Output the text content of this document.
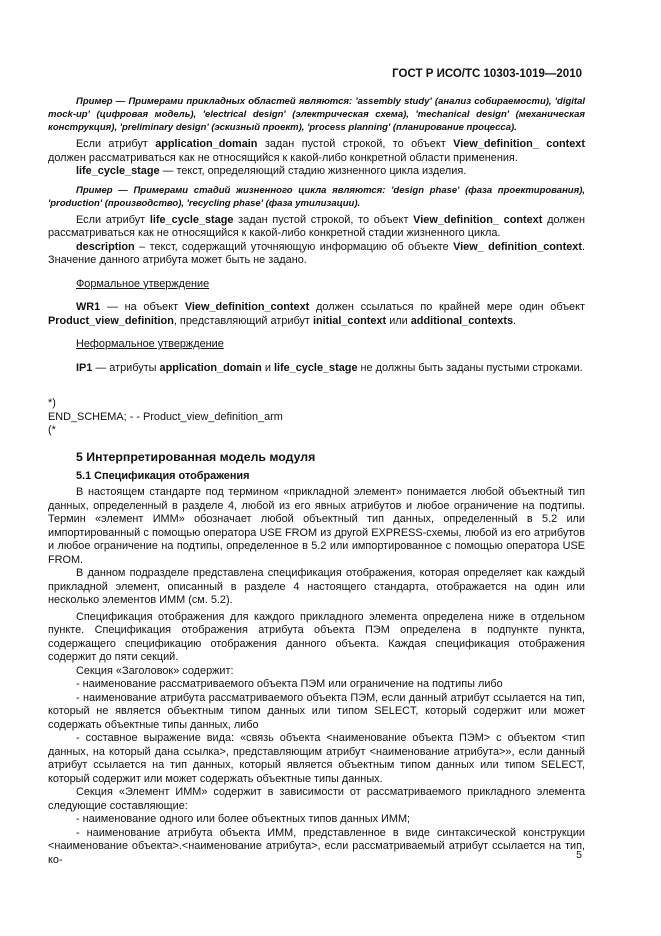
ГОСТ Р ИСО/ТС 10303-1019—2010
Пример — Примерами прикладных областей являются: 'assembly study' (анализ собираемости), 'digital mock-up' (цифровая модель), 'electrical design' (электрическая схема), 'mechanical design' (механическая конструкция), 'preliminary design' (эскизный проект), 'process planning' (планирование процесса).
Если атрибут application_domain задан пустой строкой, то объект View_definition_ context должен рассматриваться как не относящийся к какой-либо конкретной области применения.
life_cycle_stage — текст, определяющий стадию жизненного цикла изделия.
Пример — Примерами стадий жизненного цикла являются: 'design phase' (фаза проектирования), 'production' (производство), 'recycling phase' (фаза утилизации).
Если атрибут life_cycle_stage задан пустой строкой, то объект View_definition_ context должен рассматриваться как не относящийся к какой-либо конкретной стадии жизненного цикла.
description – текст, содержащий уточняющую информацию об объекте View_ definition_context. Значение данного атрибута может быть не задано.
Формальное утверждение
WR1 — на объект View_definition_context должен ссылаться по крайней мере один объект Product_view_definition, представляющий атрибут initial_context или additional_contexts.
Неформальное утверждение
IP1 — атрибуты application_domain и life_cycle_stage не должны быть заданы пустыми строками.
*)
END_SCHEMA; - - Product_view_definition_arm
(*
5 Интерпретированная модель модуля
5.1 Спецификация отображения
В настоящем стандарте под термином «прикладной элемент» понимается любой объектный тип данных, определенный в разделе 4, любой из его явных атрибутов и любое ограничение на подтипы. Термин «элемент ИММ» обозначает любой объектный тип данных, определенный в 5.2 или импортированный с помощью оператора USE FROM из другой EXPRESS-схемы, любой из его атрибутов и любое ограничение на подтипы, определенное в 5.2 или импортированное с помощью оператора USE FROM.
В данном подразделе представлена спецификация отображения, которая определяет как каждый прикладной элемент, описанный в разделе 4 настоящего стандарта, отображается на один или несколько элементов ИММ (см. 5.2).
Спецификация отображения для каждого прикладного элемента определена ниже в отдельном пункте. Спецификация отображения атрибута объекта ПЭМ определена в подпункте пункта, содержащего спецификацию отображения данного объекта. Каждая спецификация отображения содержит до пяти секций.
Секция «Заголовок» содержит:
- наименование рассматриваемого объекта ПЭМ или ограничение на подтипы либо
- наименование атрибута рассматриваемого объекта ПЭМ, если данный атрибут ссылается на тип, который не является объектным типом данных или типом SELECT, который содержит или может содержать объектные типы данных, либо
- составное выражение вида: «связь объекта <наименование объекта ПЭМ> с объектом <тип данных, на который дана ссылка>, представляющим атрибут <наименование атрибута>», если данный атрибут ссылается на тип данных, который является объектным типом данных или типом SELECT, который содержит или может содержать объектные типы данных.
Секция «Элемент ИММ» содержит в зависимости от рассматриваемого прикладного элемента следующие составляющие:
- наименование одного или более объектных типов данных ИММ;
- наименование атрибута объекта ИММ, представленное в виде синтаксической конструкции <наименование объекта>.<наименование атрибута>, если рассматриваемый атрибут ссылается на тип, ко-	5
